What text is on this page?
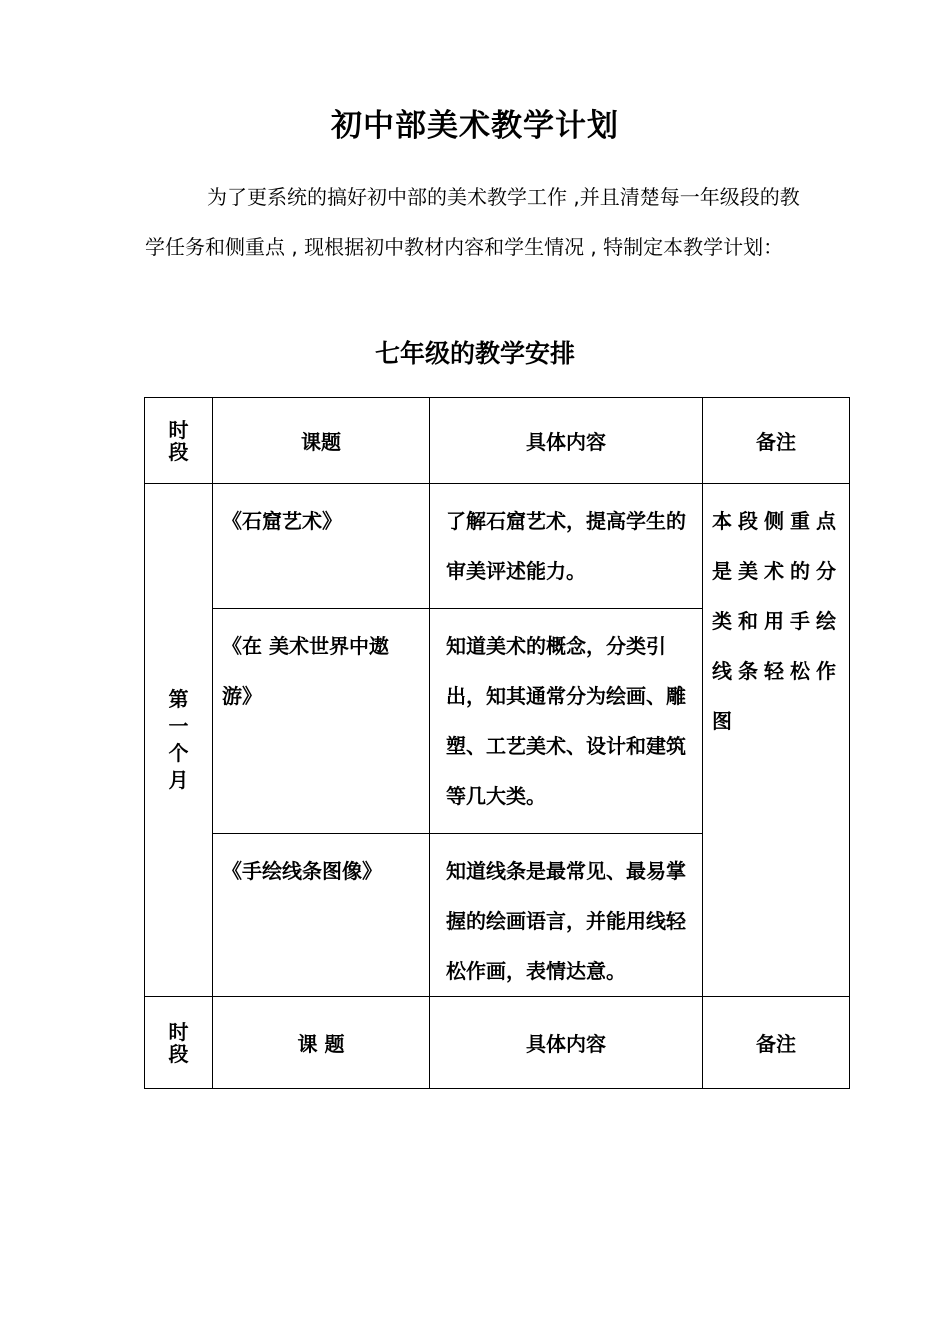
初中部美术教学计划

为了更系统的搞好初中部的美术教学工作 ,并且清楚每一年级段的教学任务和侧重点 , 现根据初中教材内容和学生情况 , 特制定本教学计划：

七年级的教学安排
时
段	课题	具体内容	备注

第
一
个
月	《石窟艺术》	了解石窟艺术，提高学生的审美评述能力。	本段侧重点是美术的分类和用手绘线条轻松作图
	《在 美术世界中遨游》	知道美术的概念，分类引出，知其通常分为绘画、雕塑、工艺美术、设计和建筑等几大类。	
	《手绘线条图像》	知道线条是最常见、最易掌握的绘画语言，并能用线轻松作画，表情达意。	

时
段	课 题	具体内容	备注
